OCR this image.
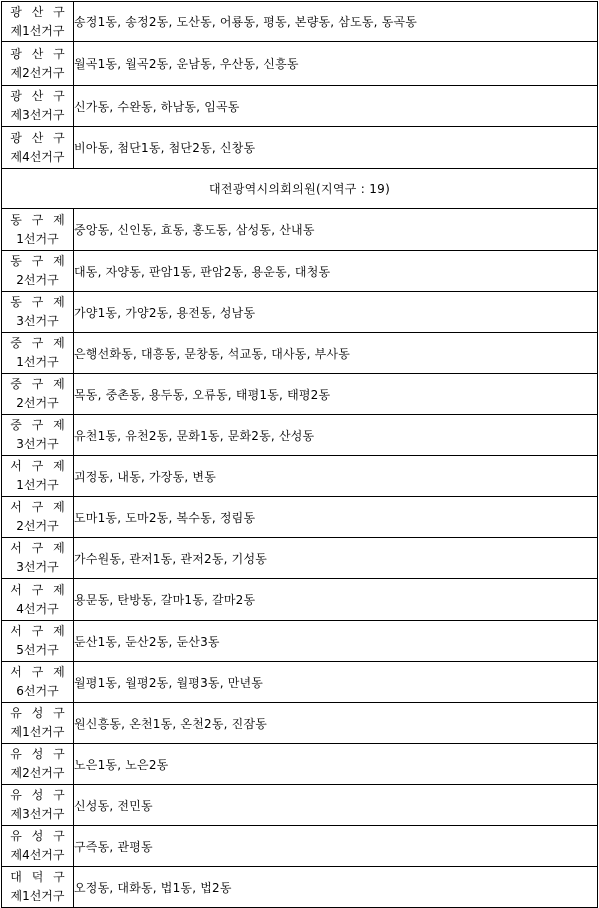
광 산 구
제1선거구	송정1동, 송정2동, 도산동, 어룡동, 평동, 본량동, 삼도동, 동곡동

광 산 구
제2선거구	월곡1동, 월곡2동, 운남동, 우산동, 신흥동

광 산 구
제3선거구	신가동, 수완동, 하남동, 임곡동

광 산 구
제4선거구	비아동, 첨단1동, 첨단2동, 신창동
대전광역시의회의원(지역구 : 19)	

동 구 제
1선거구	중앙동, 신인동, 효동, 홍도동, 삼성동, 산내동

동 구 제
2선거구	대동, 자양동, 판암1동, 판암2동, 용운동, 대청동

동 구 제
3선거구	가양1동, 가양2동, 용전동, 성남동

중 구 제
1선거구	은행선화동, 대흥동, 문창동, 석교동, 대사동, 부사동

중 구 제
2선거구	목동, 중촌동, 용두동, 오류동, 태평1동, 태평2동

중 구 제
3선거구	유천1동, 유천2동, 문화1동, 문화2동, 산성동

서 구 제
1선거구	괴정동, 내동, 가장동, 변동

서 구 제
2선거구	도마1동, 도마2동, 복수동, 정림동

서 구 제
3선거구	가수원동, 관저1동, 관저2동, 기성동

서 구 제
4선거구	용문동, 탄방동, 갈마1동, 갈마2동

서 구 제
5선거구	둔산1동, 둔산2동, 둔산3동

서 구 제
6선거구	월평1동, 월평2동, 월평3동, 만년동

유 성 구
제1선거구	원신흥동, 온천1동, 온천2동, 진잠동

유 성 구
제2선거구	노은1동, 노은2동

유 성 구
제3선거구	신성동, 전민동

유 성 구
제4선거구	구즉동, 관평동

대 덕 구
제1선거구	오정동, 대화동, 법1동, 법2동
